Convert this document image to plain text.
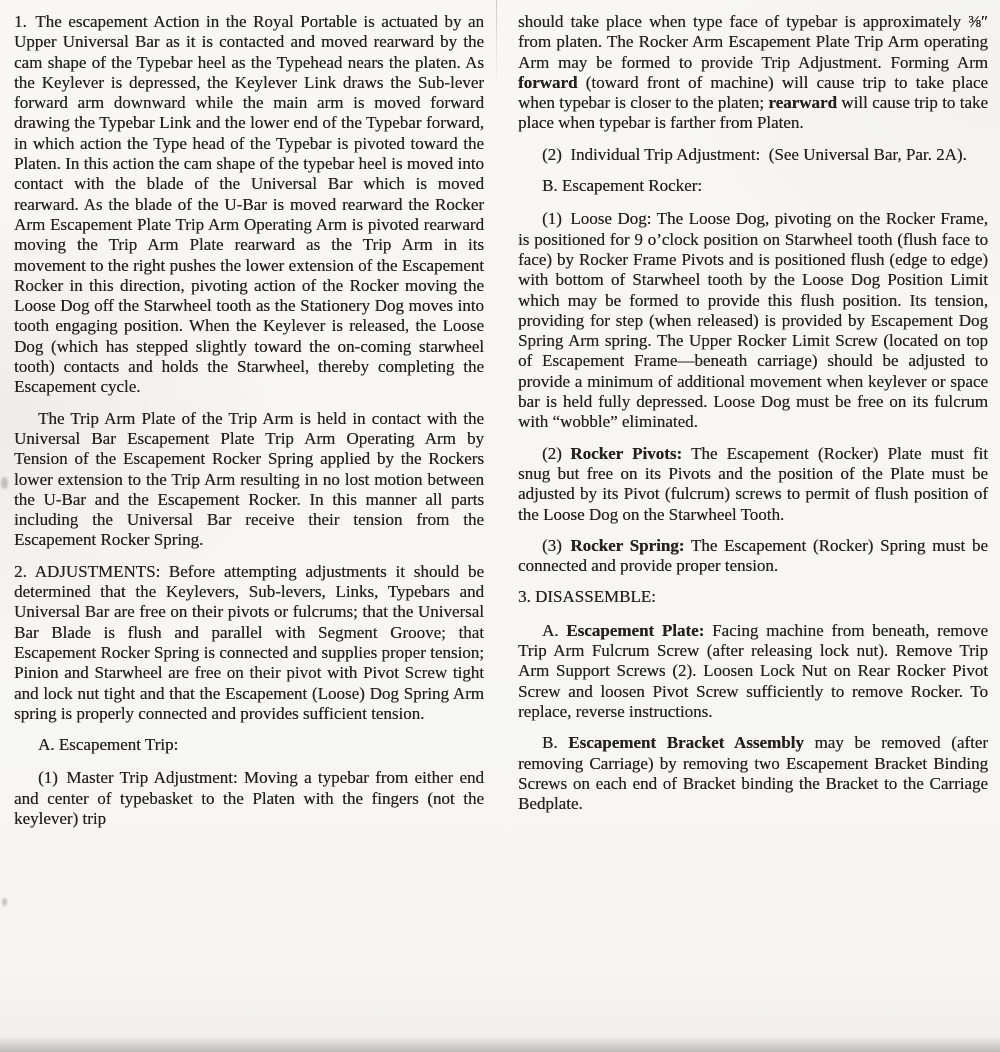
1. The escapement Action in the Royal Portable is actuated by an Upper Universal Bar as it is contacted and moved rearward by the cam shape of the Typebar heel as the Typehead nears the platen. As the Keylever is depressed, the Keylever Link draws the Sub-lever forward arm downward while the main arm is moved forward drawing the Typebar Link and the lower end of the Typebar forward, in which action the Type head of the Typebar is pivoted toward the Platen. In this action the cam shape of the typebar heel is moved into contact with the blade of the Universal Bar which is moved rearward. As the blade of the U-Bar is moved rearward the Rocker Arm Escapement Plate Trip Arm Operating Arm is pivoted rearward moving the Trip Arm Plate rearward as the Trip Arm in its movement to the right pushes the lower extension of the Escapement Rocker in this direction, pivoting action of the Rocker moving the Loose Dog off the Starwheel tooth as the Stationery Dog moves into tooth engaging position. When the Keylever is released, the Loose Dog (which has stepped slightly toward the on-coming starwheel tooth) contacts and holds the Starwheel, thereby completing the Escapement cycle.

The Trip Arm Plate of the Trip Arm is held in contact with the Universal Bar Escapement Plate Trip Arm Operating Arm by Tension of the Escapement Rocker Spring applied by the Rockers lower extension to the Trip Arm resulting in no lost motion between the U-Bar and the Escapement Rocker. In this manner all parts including the Universal Bar receive their tension from the Escapement Rocker Spring.

2. ADJUSTMENTS: Before attempting adjustments it should be determined that the Keylevers, Sub-levers, Links, Typebars and Universal Bar are free on their pivots or fulcrums; that the Universal Bar Blade is flush and parallel with Segment Groove; that Escapement Rocker Spring is connected and supplies proper tension; Pinion and Starwheel are free on their pivot with Pivot Screw tight and lock nut tight and that the Escapement (Loose) Dog Spring Arm spring is properly connected and provides sufficient tension.

A. Escapement Trip:

(1) Master Trip Adjustment: Moving a typebar from either end and center of typebasket to the Platen with the fingers (not the keylever) trip

should take place when type face of typebar is approximately ⅜″ from platen. The Rocker Arm Escapement Plate Trip Arm operating Arm may be formed to provide Trip Adjustment. Forming Arm forward (toward front of machine) will cause trip to take place when typebar is closer to the platen; rearward will cause trip to take place when typebar is farther from Platen.

(2) Individual Trip Adjustment: (See Universal Bar, Par. 2A).

B. Escapement Rocker:

(1) Loose Dog: The Loose Dog, pivoting on the Rocker Frame, is positioned for 9 o’clock position on Starwheel tooth (flush face to face) by Rocker Frame Pivots and is positioned flush (edge to edge) with bottom of Starwheel tooth by the Loose Dog Position Limit which may be formed to provide this flush position. Its tension, providing for step (when released) is provided by Escapement Dog Spring Arm spring. The Upper Rocker Limit Screw (located on top of Escapement Frame—beneath carriage) should be adjusted to provide a minimum of additional movement when keylever or space bar is held fully depressed. Loose Dog must be free on its fulcrum with “wobble” eliminated.

(2) Rocker Pivots: The Escapement (Rocker) Plate must fit snug but free on its Pivots and the position of the Plate must be adjusted by its Pivot (fulcrum) screws to permit of flush position of the Loose Dog on the Starwheel Tooth.

(3) Rocker Spring: The Escapement (Rocker) Spring must be connected and provide proper tension.

3. DISASSEMBLE:

A. Escapement Plate: Facing machine from beneath, remove Trip Arm Fulcrum Screw (after releasing lock nut). Remove Trip Arm Support Screws (2). Loosen Lock Nut on Rear Rocker Pivot Screw and loosen Pivot Screw sufficiently to remove Rocker. To replace, reverse instructions.

B. Escapement Bracket Assembly may be removed (after removing Carriage) by removing two Escapement Bracket Binding Screws on each end of Bracket binding the Bracket to the Carriage Bedplate.
